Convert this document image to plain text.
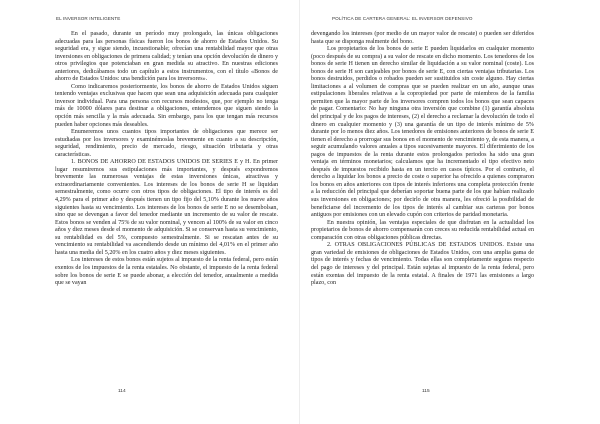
EL INVERSOR INTELIGENTE

En el pasado, durante un período muy prolongado, las únicas obligaciones adecuadas para las personas físicas fueron los bonos de ahorro de Estados Unidos. Su seguridad era, y sigue siendo, incuestionable; ofrecían una rentabilidad mayor que otras inversiones en obligaciones de primera calidad; y tenían una opción devolución de dinero y otros privilegios que potenciaban en gran medida su atractivo. En nuestras ediciones anteriores, dedicábamos todo un capítulo a estos instrumentos, con el título «Bonos de ahorro de Estados Unidos: una bendición para los inversores».

Como indicaremos posteriormente, los bonos de ahorro de Estados Unidos siguen teniendo ventajas exclusivas que hacen que sean una adquisición adecuada para cualquier inversor individual. Para una persona con recursos modestos, que, por ejemplo no tenga más de 10000 dólares para destinar a obligaciones, entendemos que siguen siendo la opción más sencilla y la más adecuada. Sin embargo, para los que tengan más recursos pueden haber opciones más deseables.

Enumeremos unos cuantos tipos importantes de obligaciones que merece ser estudiadas por los inversores y examinémoslas brevemente en cuanto a su descripción, seguridad, rendimiento, precio de mercado, riesgo, situación tributaria y otras características.

1. BONOS DE AHORRO DE ESTADOS UNIDOS DE SERIES E y H. En primer lugar resumiremos sus estipulaciones más importantes, y después expondremos brevemente las numerosas ventajas de estas inversiones únicas, atractivas y extraordinariamente convenientes. Los intereses de los bonos de serie H se liquidan semestralmente, como ocurre con otros tipos de obligaciones. El tipo de interés es del 4,29% para el primer año y después tienen un tipo fijo del 5,10% durante los nueve años siguientes hasta su vencimiento. Los intereses de los bonos de serie E no se desembolsan, sino que se devengan a favor del tenedor mediante un incremento de su valor de rescate. Estos bonos se venden al 75% de su valor nominal, y vencen al 100% de su valor en cinco años y diez meses desde el momento de adquisición. Si se conservan hasta su vencimiento, su rentabilidad es del 5%, compuesto semestralmente. Si se rescatan antes de su vencimiento su rentabilidad va ascendiendo desde un mínimo del 4,01% en el primer año hasta una media del 5,20% en los cuatro años y diez meses siguientes.

Los intereses de estos bonos están sujetos al impuesto de la renta federal, pero están exentos de los impuestos de la renta estatales. No obstante, el impuesto de la renta federal sobre los bonos de serie E se puede abonar, a elección del tenedor, anualmente a medida que se vayan

114
POLÍTICA DE CARTERA GENERAL: EL INVERSOR DEFENSIVO

devengando los intereses (por medio de un mayor valor de rescate) o pueden ser diferidos hasta que se disponga realmente del bono.

Los propietarios de los bonos de serie E pueden liquidarlos en cualquier momento (poco después de su compra) a su valor de rescate en dicho momento. Los tenedores de los bonos de serie H tienen un derecho similar de liquidación a su valor nominal (coste). Los bonos de serie H son canjeables por bonos de serie E, con ciertas ventajas tributarias. Los bonos destruidos, perdidos o robados pueden ser sustituidos sin coste alguno. Hay ciertas limitaciones a al volumen de compras que se pueden realizar en un año, aunque unas estipulaciones liberales relativas a la copropiedad por parte de miembros de la familia permiten que la mayor parte de los inversores compren todos los bonos que sean capaces de pagar. Comentario: No hay ninguna otra inversión que combine (1) garantía absoluta del principal y de los pagos de intereses, (2) el derecho a reclamar la devolución de todo el dinero en cualquier momento y (3) una garantía de un tipo de interés mínimo de 5% durante por lo menos diez años. Los tenedores de emisiones anteriores de bonos de serie E tienen el derecho a prorrogar sus bonos en el momento de vencimiento y, de esta manera, a seguir acumulando valores anuales a tipos sucesivamente mayores. El diferimiento de los pagos de impuestos de la renta durante estos prolongados periodos ha sido una gran ventaja en términos monetarios; calculamos que ha incrementado el tipo efectivo neto después de impuestos recibido hasta en un tercio en casos típicos. Por el contrario, el derecho a liquidar los bonos a precio de coste o superior ha ofrecido a quienes compraron los bonos en años anteriores con tipos de interés inferiores una completa protección frente a la reducción del principal que deberían soportar buena parte de los que habían realizado sus inversiones en obligaciones; por decirlo de otra manera, les ofreció la posibilidad de beneficiarse del incremento de los tipos de interés al cambiar sus carteras por bonos antiguos por emisiones con un elevado cupón con criterios de paridad monetaria.

En nuestra opinión, las ventajas especiales de que disfrutan en la actualidad los propietarios de bonos de ahorro compensarán con creces su reducida rentabilidad actual en comparación con otras obligaciones públicas directas.

2. OTRAS OBLIGACIONES PÚBLICAS DE ESTADOS UNIDOS. Existe una gran variedad de emisiones de obligaciones de Estados Unidos, con una amplia gama de tipos de interés y fechas de vencimiento. Todas ellas son completamente seguras respecto del pago de intereses y del principal. Están sujetas al impuesto de la renta federal, pero están exentas del impuesto de la renta estatal. A finales de 1971 las emisiones a largo plazo, con

115
